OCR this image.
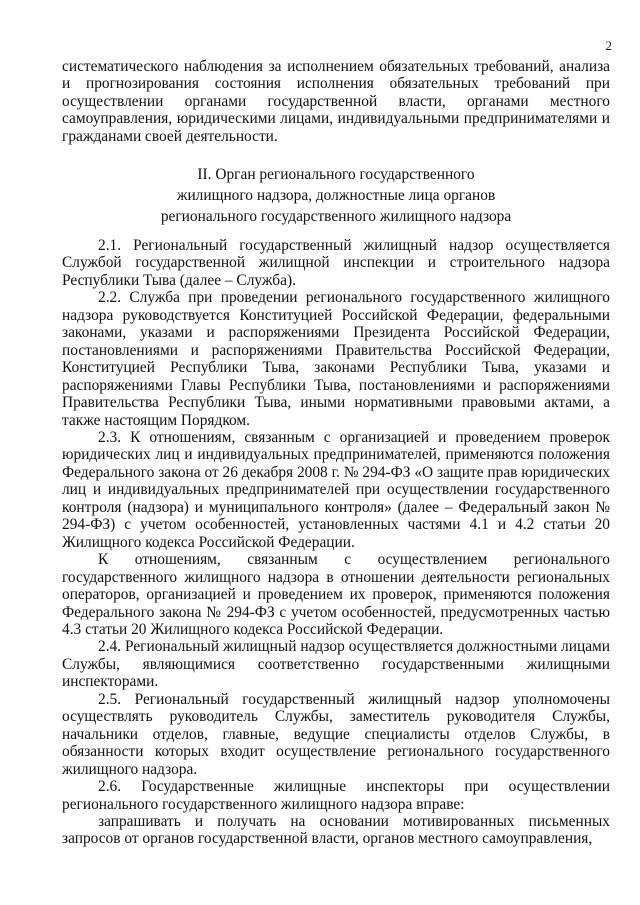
2

систематического наблюдения за исполнением обязательных требований, анализа и прогнозирования состояния исполнения обязательных требований при осуществлении органами государственной власти, органами местного самоуправления, юридическими лицами, индивидуальными предпринимателями и гражданами своей деятельности.

II. Орган регионального государственного
жилищного надзора, должностные лица органов
регионального государственного жилищного надзора

2.1. Региональный государственный жилищный надзор осуществляется Службой государственной жилищной инспекции и строительного надзора Республики Тыва (далее – Служба).

2.2. Служба при проведении регионального государственного жилищного надзора руководствуется Конституцией Российской Федерации, федеральными законами, указами и распоряжениями Президента Российской Федерации, постановлениями и распоряжениями Правительства Российской Федерации, Конституцией Республики Тыва, законами Республики Тыва, указами и распоряжениями Главы Республики Тыва, постановлениями и распоряжениями Правительства Республики Тыва, иными нормативными правовыми актами, а также настоящим Порядком.

2.3. К отношениям, связанным с организацией и проведением проверок юридических лиц и индивидуальных предпринимателей, применяются положения Федерального закона от 26 декабря 2008 г. № 294-ФЗ «О защите прав юридических лиц и индивидуальных предпринимателей при осуществлении государственного контроля (надзора) и муниципального контроля» (далее – Федеральный закон № 294-ФЗ) с учетом особенностей, установленных частями 4.1 и 4.2 статьи 20 Жилищного кодекса Российской Федерации.

К отношениям, связанным с осуществлением регионального государственного жилищного надзора в отношении деятельности региональных операторов, организацией и проведением их проверок, применяются положения Федерального закона № 294-ФЗ с учетом особенностей, предусмотренных частью 4.3 статьи 20 Жилищного кодекса Российской Федерации.

2.4. Региональный жилищный надзор осуществляется должностными лицами Службы, являющимися соответственно государственными жилищными инспекторами.

2.5. Региональный государственный жилищный надзор уполномочены осуществлять руководитель Службы, заместитель руководителя Службы, начальники отделов, главные, ведущие специалисты отделов Службы, в обязанности которых входит осуществление регионального государственного жилищного надзора.

2.6. Государственные жилищные инспекторы при осуществлении регионального государственного жилищного надзора вправе:

запрашивать и получать на основании мотивированных письменных запросов от органов государственной власти, органов местного самоуправления,
